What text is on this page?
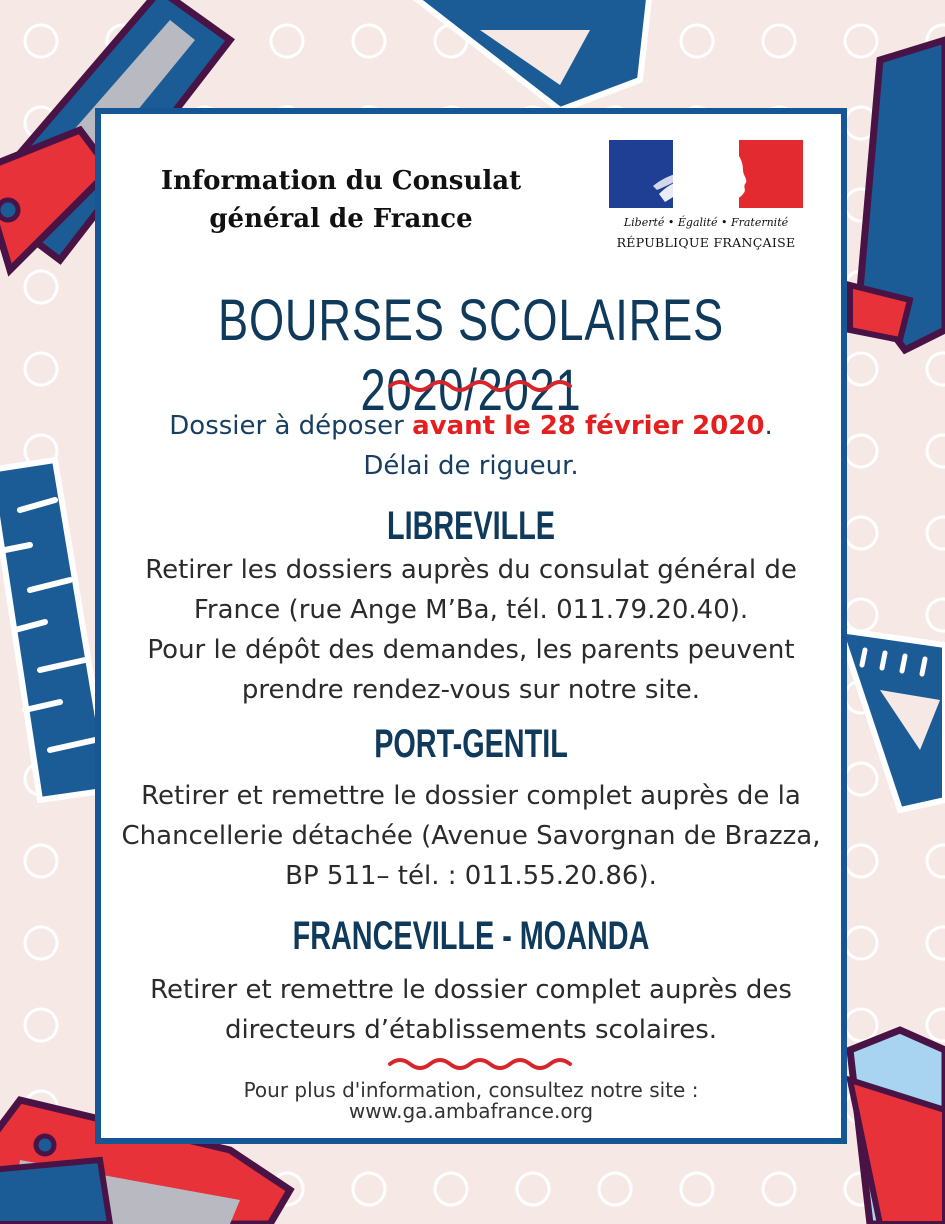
Information du Consulat
général de France	Liberté • Égalité • Fraternité
RÉPUBLIQUE FRANÇAISE
BOURSES SCOLAIRES 2020/2021
Dossier à déposer avant le 28 février 2020.
Délai de rigueur.
LIBREVILLE
Retirer les dossiers auprès du consulat général de
France (rue Ange M’Ba, tél. 011.79.20.40).
Pour le dépôt des demandes, les parents peuvent
prendre rendez-vous sur notre site.
PORT-GENTIL
Retirer et remettre le dossier complet auprès de la
Chancellerie détachée (Avenue Savorgnan de Brazza,
BP 511– tél. : 011.55.20.86).
FRANCEVILLE - MOANDA
Retirer et remettre le dossier complet auprès des
directeurs d’établissements scolaires.
Pour plus d'information, consultez notre site :
www.ga.ambafrance.org
